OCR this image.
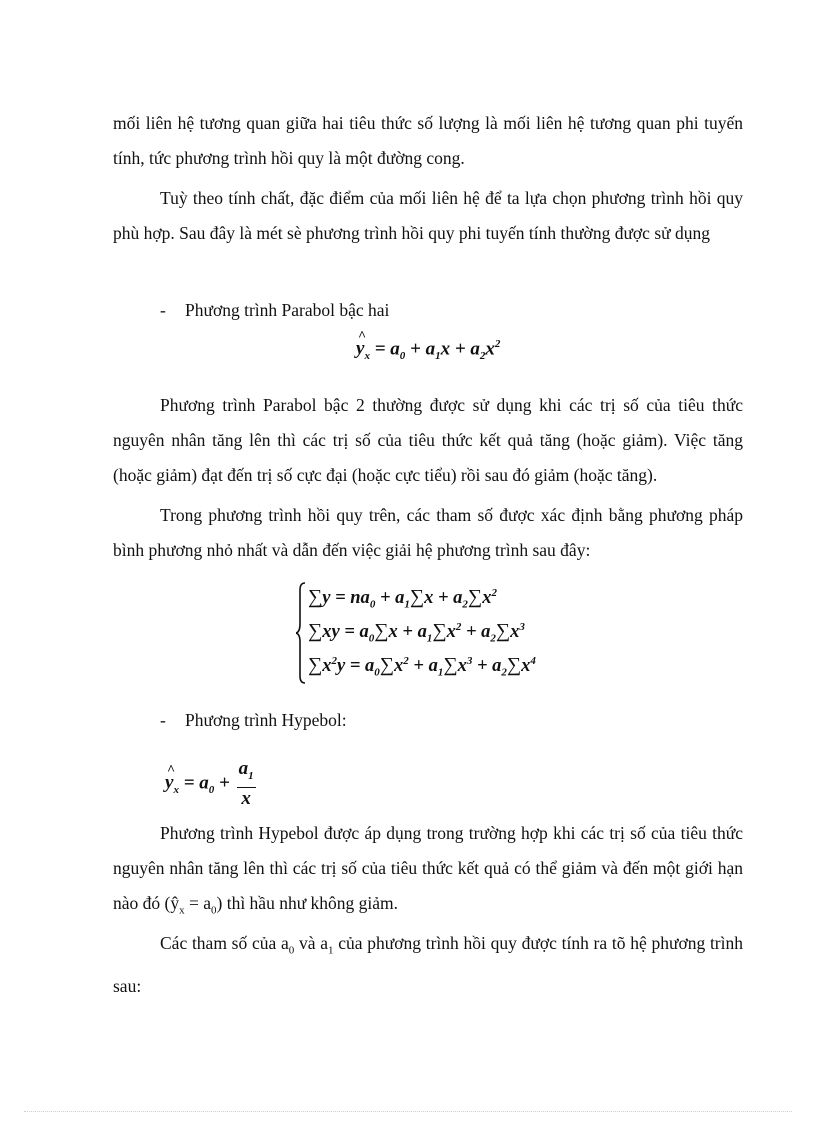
mối liên hệ tương quan giữa hai tiêu thức số lượng là mối liên hệ tương quan phi tuyến tính, tức phương trình hồi quy là một đường cong.

Tuỳ theo tính chất, đặc điểm của mối liên hệ để ta lựa chọn phương trình hồi quy phù hợp. Sau đây là mét sè phương trình hồi quy phi tuyến tính thường được sử dụng

- Phương trình Parabol bậc hai
^ $y_x = a_0 + a_1x + a_2x^2$

Phương trình Parabol bậc 2 thường được sử dụng khi các trị số của tiêu thức nguyên nhân tăng lên thì các trị số của tiêu thức kết quả tăng (hoặc giảm). Việc tăng (hoặc giảm) đạt đến trị số cực đại (hoặc cực tiểu) rồi sau đó giảm (hoặc tăng).

Trong phương trình hồi quy trên, các tham số được xác định bằng phương pháp bình phương nhỏ nhất và dẫn đến việc giải hệ phương trình sau đây:

$\sum y = na_0 + a_1\sum x + a_2\sum x^2$
$\sum xy = a_0\sum x + a_1\sum x^2 + a_2\sum x^3$
$\sum x^2y = a_0\sum x^2 + a_1\sum x^3 + a_2\sum x^4$
- Phương trình Hypebol:
^ $y_x = a_0 + \frac{a_1}{x}$

Phương trình Hypebol được áp dụng trong trường hợp khi các trị số của tiêu thức nguyên nhân tăng lên thì các trị số của tiêu thức kết quả có thể giảm và đến một giới hạn nào đó $(ŷ_x = a_0)$ thì hầu như không giảm.

Các tham số của $a_0$ và $a_1$ của phương trình hồi quy được tính ra tõ hệ phương trình sau:
